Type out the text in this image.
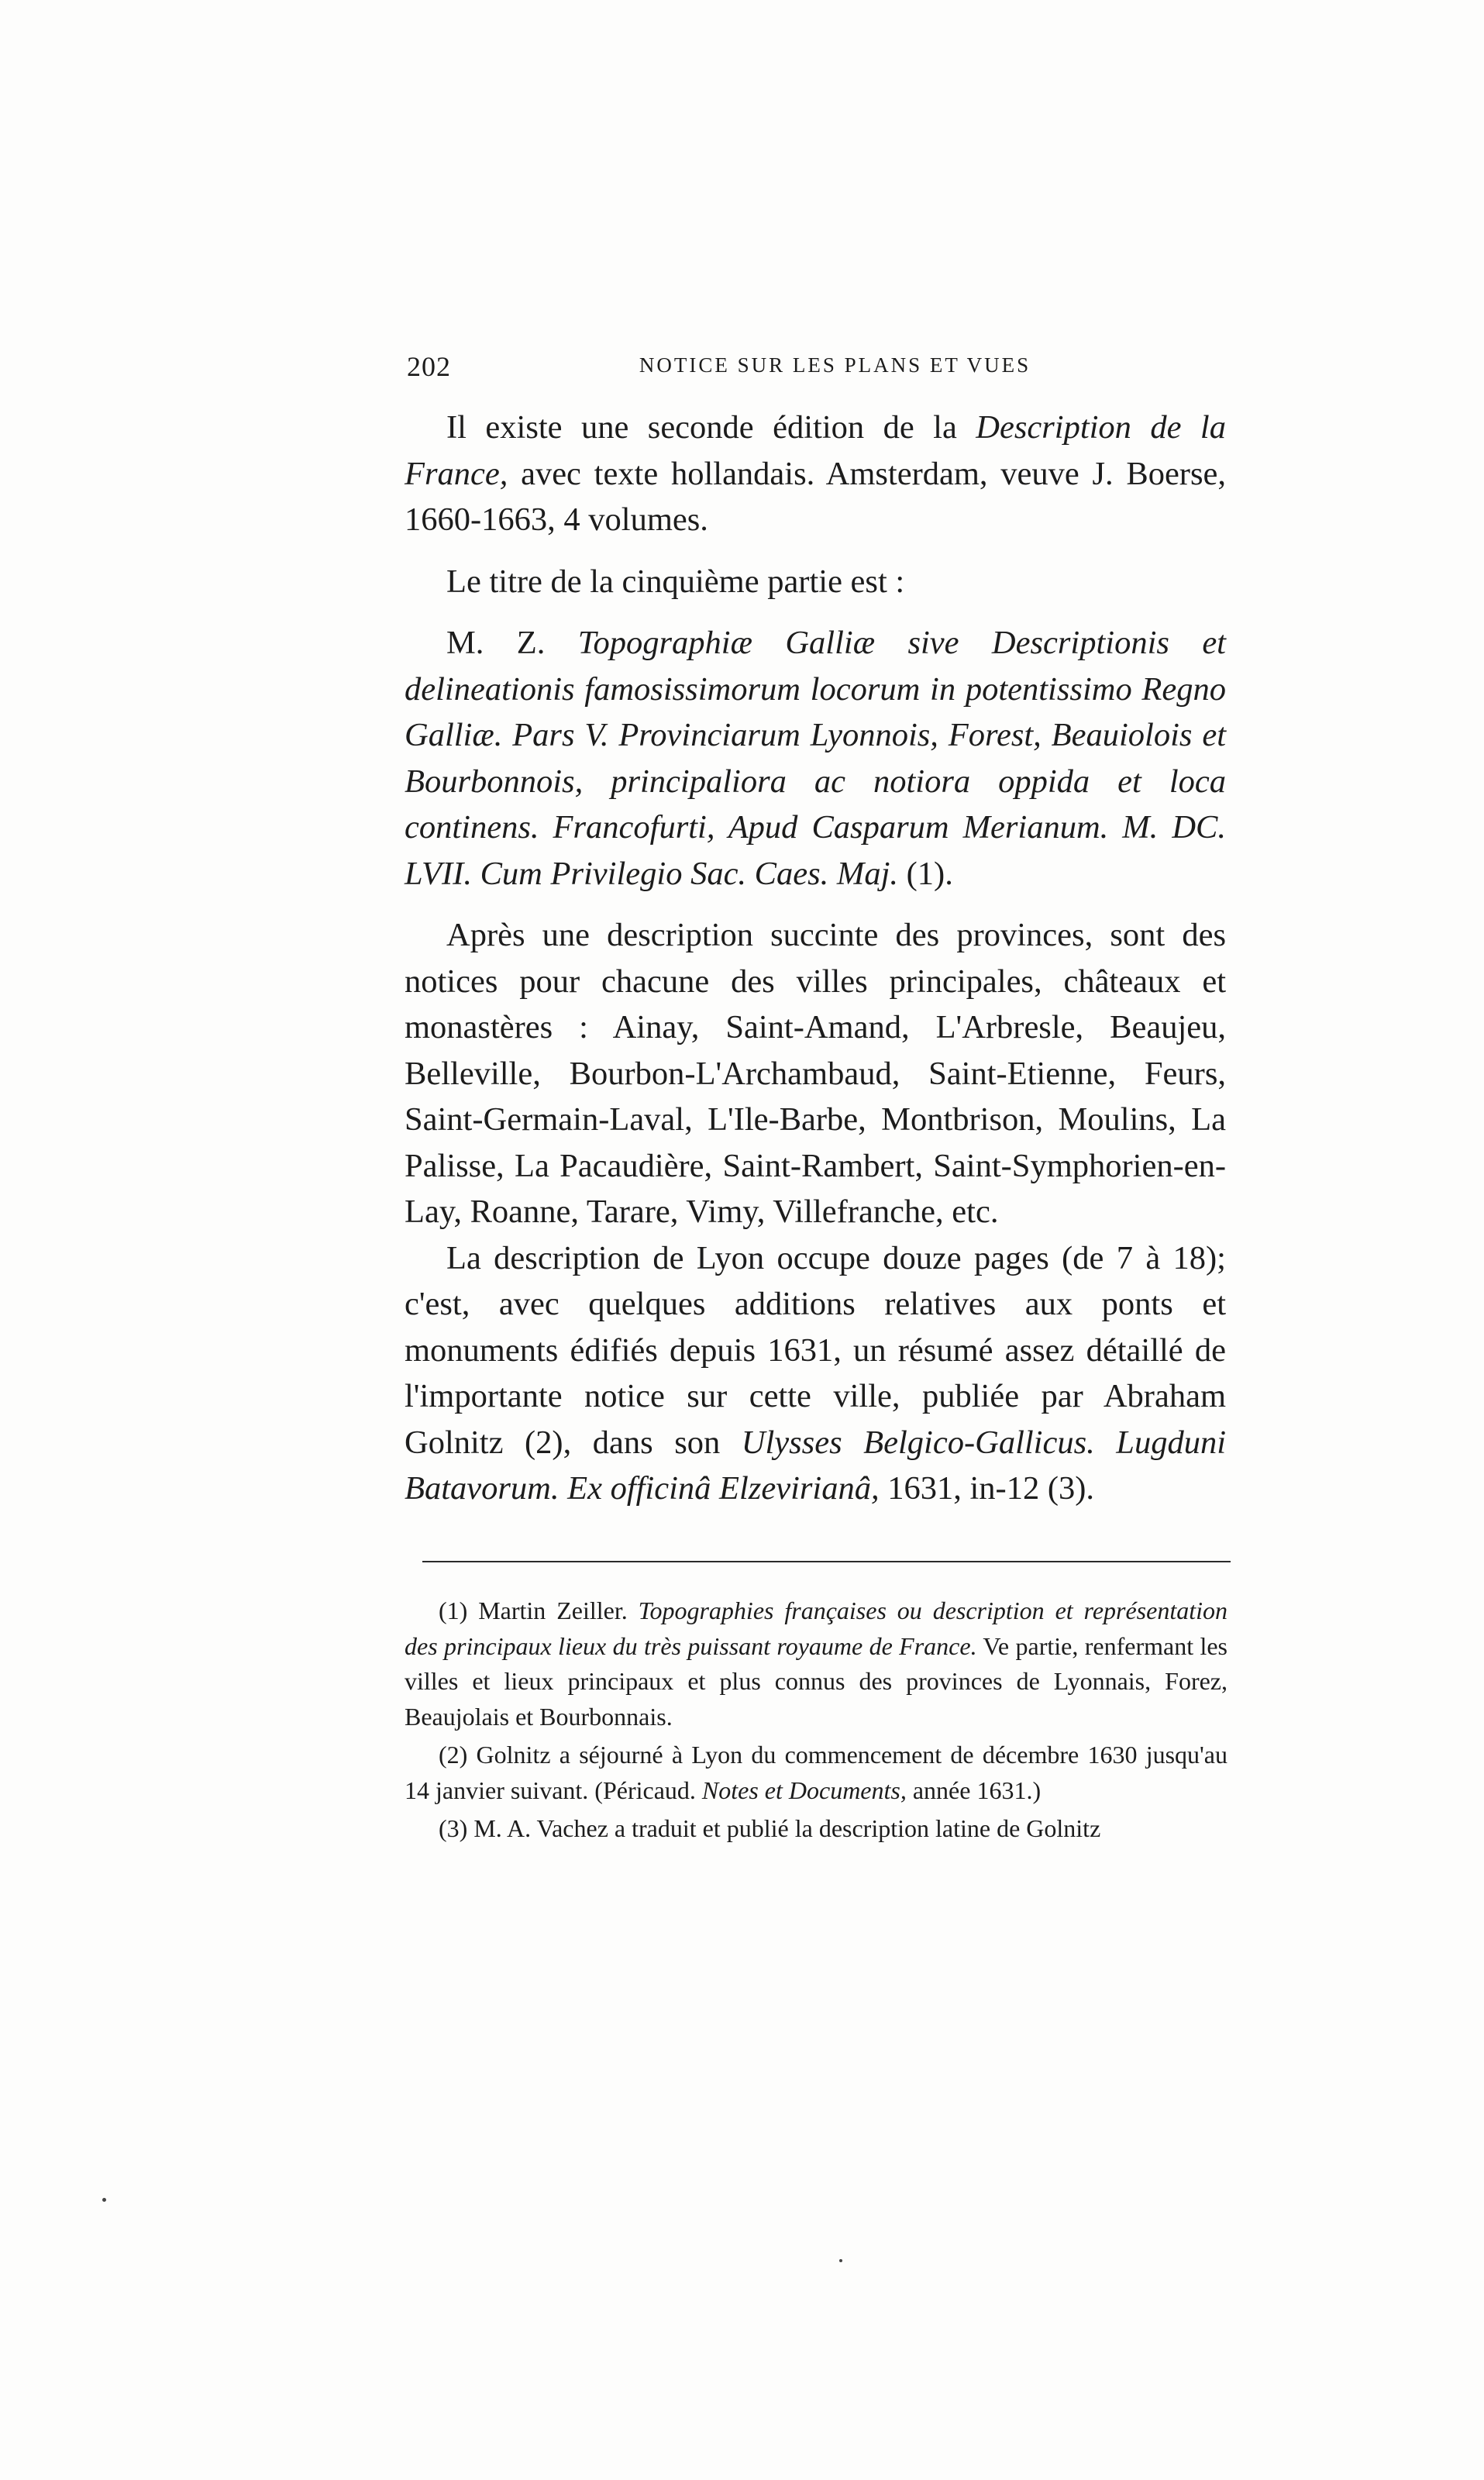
202	NOTICE SUR LES PLANS ET VUES

Il existe une seconde édition de la Description de la France, avec texte hollandais. Amsterdam, veuve J. Boerse, 1660-1663, 4 volumes.

Le titre de la cinquième partie est :

M. Z. Topographiæ Galliæ sive Descriptionis et delineationis famosissimorum locorum in potentissimo Regno Galliæ. Pars V. Provinciarum Lyonnois, Forest, Beauiolois et Bourbonnois, principaliora ac notiora oppida et loca continens. Francofurti, Apud Casparum Merianum. M. DC. LVII. Cum Privilegio Sac. Caes. Maj. (1).

Après une description succinte des provinces, sont des notices pour chacune des villes principales, châteaux et monastères : Ainay, Saint-Amand, L'Arbresle, Beaujeu, Belleville, Bourbon-L'Archambaud, Saint-Etienne, Feurs, Saint-Germain-Laval, L'Ile-Barbe, Montbrison, Moulins, La Palisse, La Pacaudière, Saint-Rambert, Saint-Symphorien-en-Lay, Roanne, Tarare, Vimy, Villefranche, etc.

La description de Lyon occupe douze pages (de 7 à 18); c'est, avec quelques additions relatives aux ponts et monuments édifiés depuis 1631, un résumé assez détaillé de l'importante notice sur cette ville, publiée par Abraham Golnitz (2), dans son Ulysses Belgico-Gallicus. Lugduni Batavorum. Ex officinâ Elzevirianâ, 1631, in-12 (3).

(1) Martin Zeiller. Topographies françaises ou description et représentation des principaux lieux du très puissant royaume de France. Ve partie, renfermant les villes et lieux principaux et plus connus des provinces de Lyonnais, Forez, Beaujolais et Bourbonnais.

(2) Golnitz a séjourné à Lyon du commencement de décembre 1630 jusqu'au 14 janvier suivant. (Péricaud. Notes et Documents, année 1631.)

(3) M. A. Vachez a traduit et publié la description latine de Golnitz
